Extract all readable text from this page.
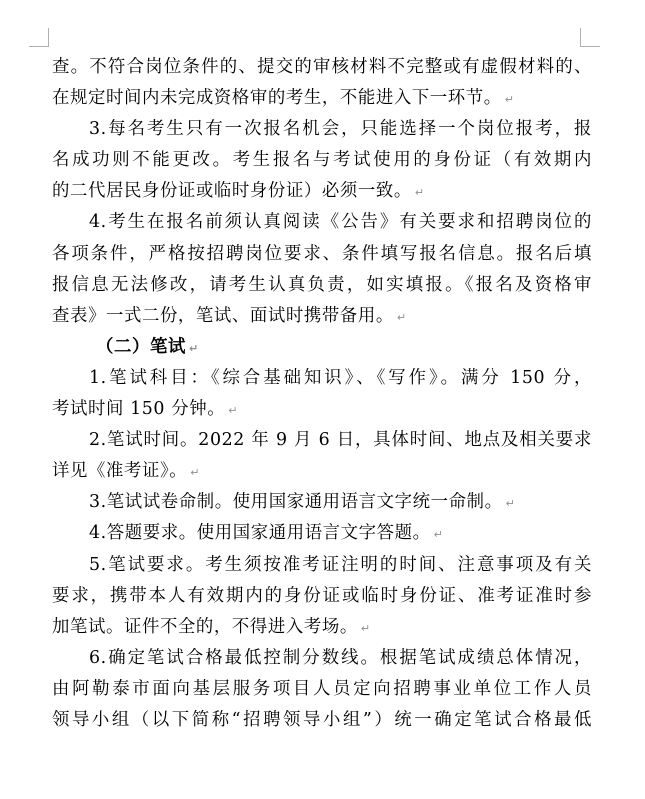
查。不符合岗位条件的、提交的审核材料不完整或有虚假材料的、
在规定时间内未完成资格审的考生，不能进入下一环节。 ↵
3.每名考生只有一次报名机会，只能选择一个岗位报考，报
名成功则不能更改。考生报名与考试使用的身份证（有效期内
的二代居民身份证或临时身份证）必须一致。 ↵
4.考生在报名前须认真阅读《公告》有关要求和招聘岗位的
各项条件，严格按招聘岗位要求、条件填写报名信息。报名后填
报信息无法修改，请考生认真负责，如实填报。《报名及资格审
查表》一式二份，笔试、面试时携带备用。 ↵
（二）笔试 ↵
1.笔试科目：《综合基础知识》、《写作》。满分 150 分，
考试时间 150 分钟。 ↵
2.笔试时间。2022 年 9 月 6 日，具体时间、地点及相关要求
详见《准考证》。 ↵
3.笔试试卷命制。使用国家通用语言文字统一命制。 ↵
4.答题要求。使用国家通用语言文字答题。 ↵
5.笔试要求。考生须按准考证注明的时间、注意事项及有关
要求，携带本人有效期内的身份证或临时身份证、准考证准时参
加笔试。证件不全的，不得进入考场。 ↵
6.确定笔试合格最低控制分数线。根据笔试成绩总体情况，
由阿勒泰市面向基层服务项目人员定向招聘事业单位工作人员
领导小组（以下简称“招聘领导小组”）统一确定笔试合格最低
